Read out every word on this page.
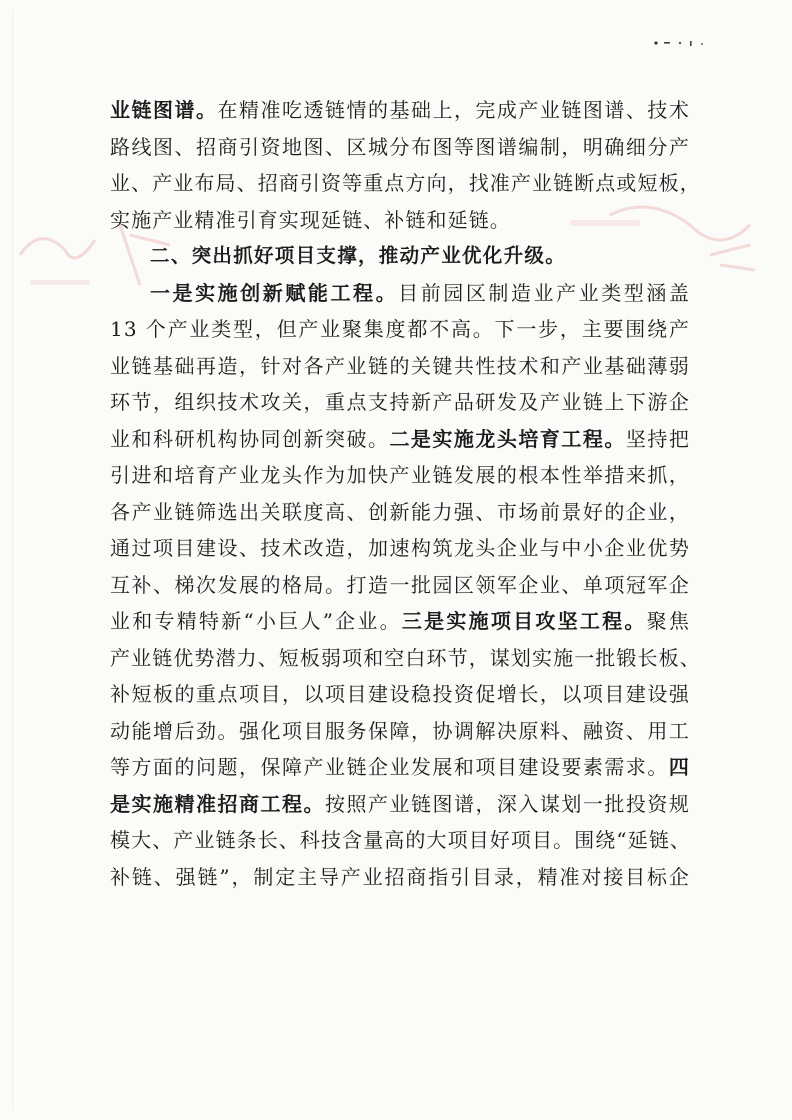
业链图谱。在精准吃透链情的基础上，完成产业链图谱、技术
路线图、招商引资地图、区城分布图等图谱编制，明确细分产
业、产业布局、招商引资等重点方向，找准产业链断点或短板，
实施产业精准引育实现延链、补链和延链。
二、突出抓好项目支撑，推动产业优化升级。
一是实施创新赋能工程。目前园区制造业产业类型涵盖
13 个产业类型，但产业聚集度都不高。下一步，主要围绕产
业链基础再造，针对各产业链的关键共性技术和产业基础薄弱
环节，组织技术攻关，重点支持新产品研发及产业链上下游企
业和科研机构协同创新突破。二是实施龙头培育工程。坚持把
引进和培育产业龙头作为加快产业链发展的根本性举措来抓，
各产业链筛选出关联度高、创新能力强、市场前景好的企业，
通过项目建设、技术改造，加速构筑龙头企业与中小企业优势
互补、梯次发展的格局。打造一批园区领军企业、单项冠军企
业和专精特新“小巨人”企业。三是实施项目攻坚工程。聚焦
产业链优势潜力、短板弱项和空白环节，谋划实施一批锻长板、
补短板的重点项目，以项目建设稳投资促增长，以项目建设强
动能增后劲。强化项目服务保障，协调解决原料、融资、用工
等方面的问题，保障产业链企业发展和项目建设要素需求。四
是实施精准招商工程。按照产业链图谱，深入谋划一批投资规
模大、产业链条长、科技含量高的大项目好项目。围绕“延链、
补链、强链”，制定主导产业招商指引目录，精准对接目标企
